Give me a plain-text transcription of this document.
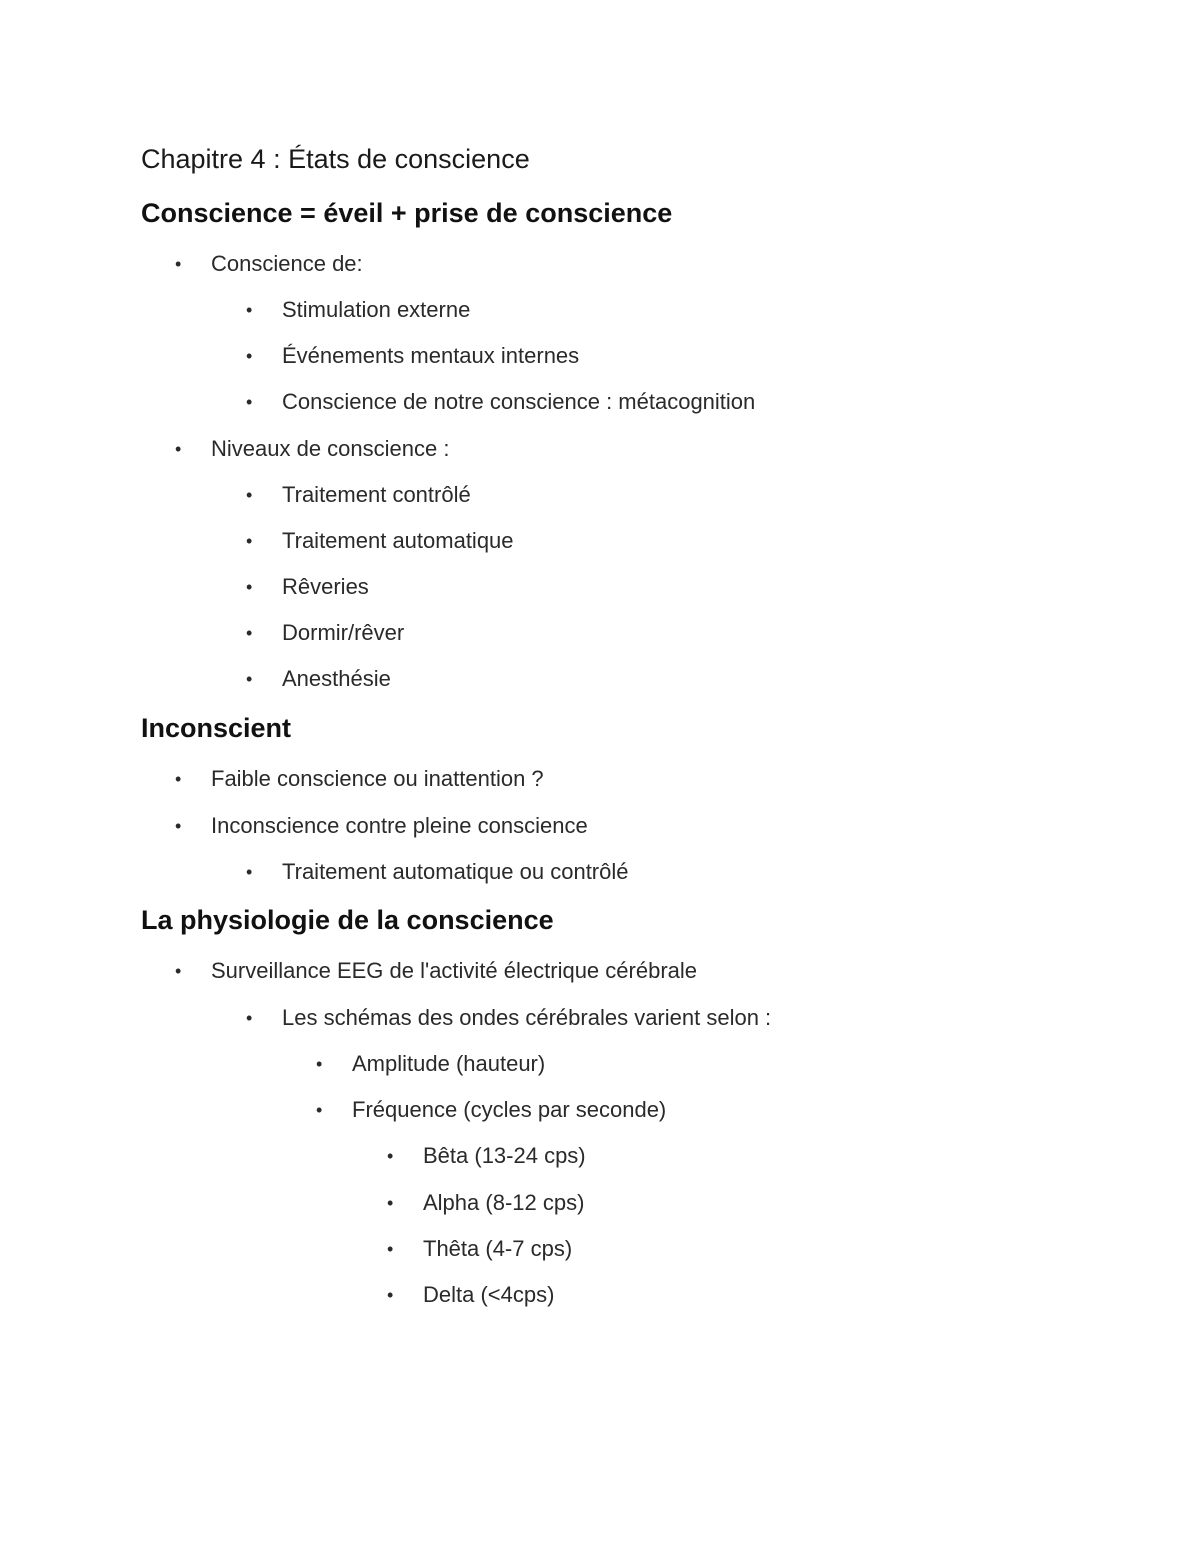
Chapitre 4 : États de conscience
Conscience = éveil + prise de conscience
• Conscience de:
• Stimulation externe
• Événements mentaux internes
• Conscience de notre conscience : métacognition
• Niveaux de conscience :
• Traitement contrôlé
• Traitement automatique
• Rêveries
• Dormir/rêver
• Anesthésie
Inconscient
• Faible conscience ou inattention ?
• Inconscience contre pleine conscience
• Traitement automatique ou contrôlé
La physiologie de la conscience
• Surveillance EEG de l'activité électrique cérébrale
• Les schémas des ondes cérébrales varient selon :
• Amplitude (hauteur)
• Fréquence (cycles par seconde)
• Bêta (13-24 cps)
• Alpha (8-12 cps)
• Thêta (4-7 cps)
• Delta (<4cps)
